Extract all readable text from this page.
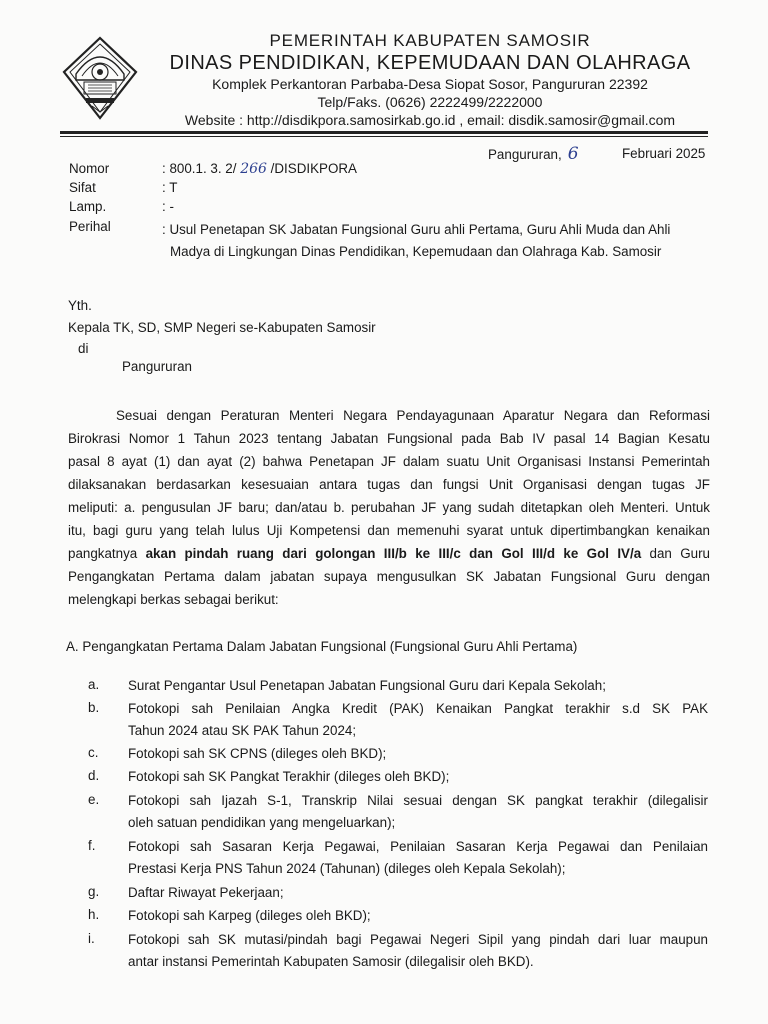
PEMERINTAH KABUPATEN SAMOSIR
DINAS PENDIDIKAN, KEPEMUDAAN DAN OLAHRAGA
Komplek Perkantoran Parbaba-Desa Siopat Sosor, Pangururan 22392
Telp/Faks. (0626) 2222499/2222000
Website : http://disdikpora.samosirkab.go.id , email: disdik.samosir@gmail.com
Pangururan, 6	Februari 2025
Nomor	: 800.1. 3. 2/ 266 /DISDIKPORA
Sifat	: T
Lamp.	: -
Perihal	: Usul Penetapan SK Jabatan Fungsional Guru ahli Pertama, Guru Ahli Muda dan Ahli
Madya di Lingkungan Dinas Pendidikan, Kepemudaan dan Olahraga Kab. Samosir
Yth.
Kepala TK, SD, SMP Negeri se-Kabupaten Samosir
di
Pangururan
Sesuai dengan Peraturan Menteri Negara Pendayagunaan Aparatur Negara dan Reformasi
Birokrasi Nomor 1 Tahun 2023 tentang Jabatan Fungsional pada Bab IV pasal 14 Bagian Kesatu
pasal 8 ayat (1) dan ayat (2) bahwa Penetapan JF dalam suatu Unit Organisasi Instansi Pemerintah
dilaksanakan berdasarkan kesesuaian antara tugas dan fungsi Unit Organisasi dengan tugas JF
meliputi: a. pengusulan JF baru; dan/atau b. perubahan JF yang sudah ditetapkan oleh Menteri. Untuk
itu, bagi guru yang telah lulus Uji Kompetensi dan memenuhi syarat untuk dipertimbangkan kenaikan
pangkatnya akan pindah ruang dari golongan III/b ke III/c dan Gol III/d ke Gol IV/a dan Guru
Pengangkatan Pertama dalam jabatan supaya mengusulkan SK Jabatan Fungsional Guru dengan
melengkapi berkas sebagai berikut:
A. Pengangkatan Pertama Dalam Jabatan Fungsional (Fungsional Guru Ahli Pertama)
a. Surat Pengantar Usul Penetapan Jabatan Fungsional Guru dari Kepala Sekolah;
b. Fotokopi sah Penilaian Angka Kredit (PAK) Kenaikan Pangkat terakhir s.d SK PAK
Tahun 2024 atau SK PAK Tahun 2024;
c. Fotokopi sah SK CPNS (dileges oleh BKD);
d. Fotokopi sah SK Pangkat Terakhir (dileges oleh BKD);
e. Fotokopi sah Ijazah S-1, Transkrip Nilai sesuai dengan SK pangkat terakhir (dilegalisir
oleh satuan pendidikan yang mengeluarkan);
f. Fotokopi sah Sasaran Kerja Pegawai, Penilaian Sasaran Kerja Pegawai dan Penilaian
Prestasi Kerja PNS Tahun 2024 (Tahunan) (dileges oleh Kepala Sekolah);
g. Daftar Riwayat Pekerjaan;
h. Fotokopi sah Karpeg (dileges oleh BKD);
i. Fotokopi sah SK mutasi/pindah bagi Pegawai Negeri Sipil yang pindah dari luar maupun
antar instansi Pemerintah Kabupaten Samosir (dilegalisir oleh BKD).
